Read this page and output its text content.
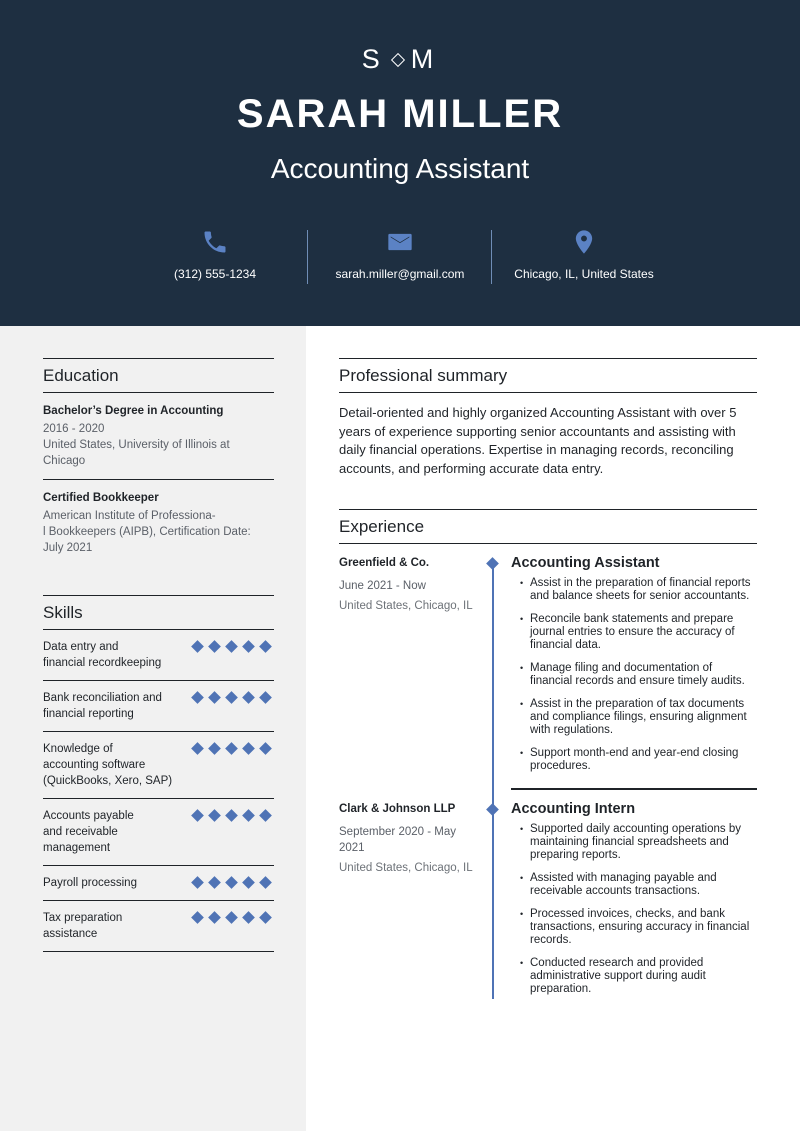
S M
SARAH MILLER
Accounting Assistant
(312) 555-1234	sarah.miller@gmail.com	Chicago, IL, United States
Education
Bachelor’s Degree in Accounting
2016 - 2020
United States, University of Illinois at
Chicago
Certified Bookkeeper
American Institute of Professiona-
l Bookkeepers (AIPB), Certification Date:
July 2021
Skills
Data entry and
financial recordkeeping
Bank reconciliation and
financial reporting
Knowledge of
accounting software
(QuickBooks, Xero, SAP)
Accounts payable
and receivable
management
Payroll processing
Tax preparation
assistance
Professional summary
Detail-oriented and highly organized Accounting Assistant with over 5
years of experience supporting senior accountants and assisting with
daily financial operations. Expertise in managing records, reconciling
accounts, and performing accurate data entry.
Experience
Greenfield & Co.
June 2021 - Now
United States, Chicago, IL
Accounting Assistant
• Assist in the preparation of financial reports
and balance sheets for senior accountants.
• Reconcile bank statements and prepare
journal entries to ensure the accuracy of
financial data.
• Manage filing and documentation of
financial records and ensure timely audits.
• Assist in the preparation of tax documents
and compliance filings, ensuring alignment
with regulations.
• Support month-end and year-end closing
procedures.
Clark & Johnson LLP
September 2020 - May 2021
United States, Chicago, IL
Accounting Intern
• Supported daily accounting operations by
maintaining financial spreadsheets and
preparing reports.
• Assisted with managing payable and
receivable accounts transactions.
• Processed invoices, checks, and bank
transactions, ensuring accuracy in financial
records.
• Conducted research and provided
administrative support during audit
preparation.
